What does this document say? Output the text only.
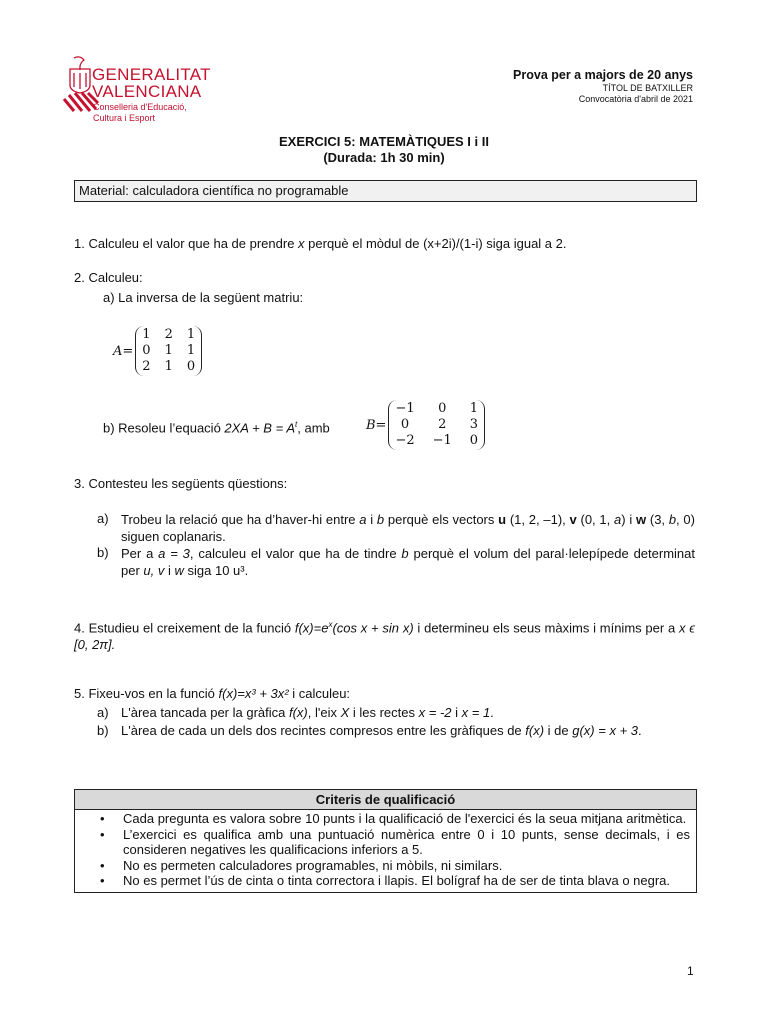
GENERALITAT
VALENCIANA
Conselleria d'Educació,
Cultura i Esport
Prova per a majors de 20 anys
TÍTOL DE BATXILLER
Convocatòria d'abril de 2021
EXERCICI 5: MATEMÀTIQUES I i II
(Durada: 1h 30 min)
Material: calculadora científica no programable
1. Calculeu el valor que ha de prendre x perquè el mòdul de (x+2i)/(1-i) siga igual a 2.
2. Calculeu:
a) La inversa de la següent matriu:
A=
1 2 1
0 1 1
2 1 0
b) Resoleu l’equació $2XA + B = A^t$, amb	B=
−1	0	1
0	2	3
−2 −1 0
3. Contesteu les següents qüestions:
a) Trobeu la relació que ha d’haver-hi entre a i b perquè els vectors u (1, 2, –1), v (0, 1, a) i w (3, b, 0) siguen coplanaris.
b) Per a a = 3, calculeu el valor que ha de tindre b perquè el volum del paral·lelepípede determinat per u, v i w siga 10 u³.
4. Estudieu el creixement de la funció $f(x)=e^x(\cos$ x + sin x) i determineu els seus màxims i mínims per a x ϵ [0, 2π].
5. Fixeu-vos en la funció f(x)=x³ + 3x² i calculeu:
a) L'àrea tancada per la gràfica f(x), l'eix X i les rectes x = -2 i x = 1.
b) L'àrea de cada un dels dos recintes compresos entre les gràfiques de f(x) i de g(x) = x + 3.
Criteris de qualificació
• Cada pregunta es valora sobre 10 punts i la qualificació de l'exercici és la seua mitjana aritmètica.
• L’exercici es qualifica amb una puntuació numèrica entre 0 i 10 punts, sense decimals, i es consideren negatives les qualificacions inferiors a 5.
• No es permeten calculadores programables, ni mòbils, ni similars.
• No es permet l’ús de cinta o tinta correctora i llapis. El bolígraf ha de ser de tinta blava o negra.
1
